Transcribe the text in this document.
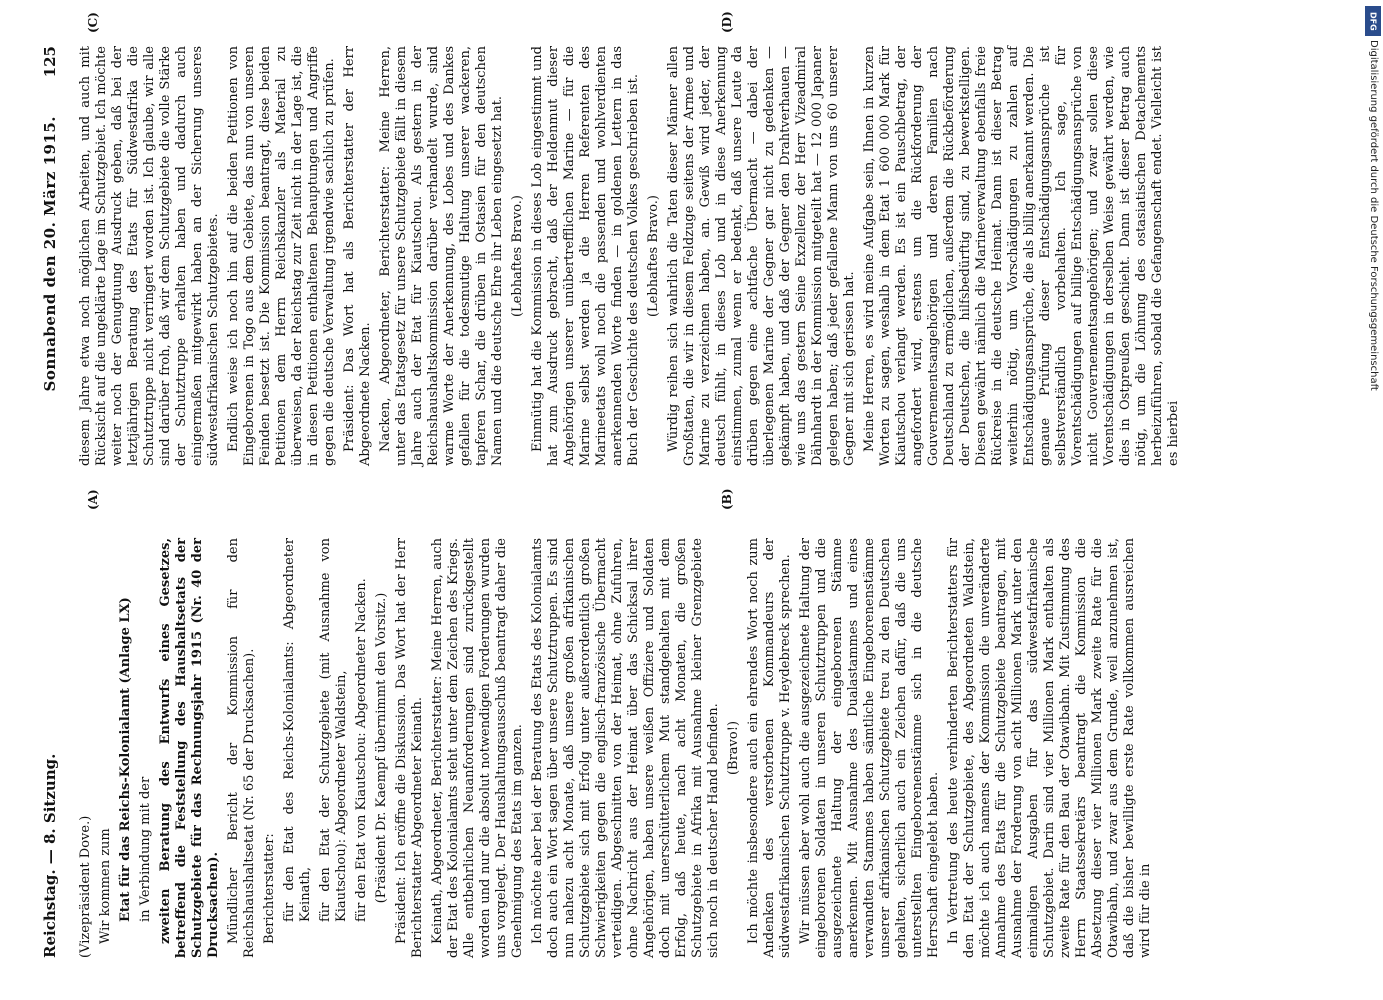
Reichstag. — 8. Sitzung.
Sonnabend den 20. März 1915.
125

(Vizepräsident Dove.) Wir kommen zum Etat für das Reichs-Kolonialamt (Anlage LX) in Verbindung mit der zweiten Beratung des Entwurfs eines Gesetzes, betreffend die Feststellung des Haushaltsetats der Schutzgebiete für das Rechnungsjahr 1915 (Nr. 40 der Drucksachen). Mündlicher Bericht der Kommission für den Reichshaushaltsetat (Nr. 65 der Drucksachen). Berichterstatter: für den Etat des Reichs-Kolonialamts: Abgeordneter Keinath, für den Etat der Schutzgebiete (mit Ausnahme von Kiautschou): Abgeordneter Waldstein, für den Etat von Kiautschou: Abgeordneter Nacken. (Präsident Dr. Kaempf übernimmt den Vorsitz.) Präsident: Ich eröffne die Diskussion. Das Wort hat der Herr Berichterstatter Abgeordneter Keinath. Keinath, Abgeordneter, Berichterstatter: Meine Herren, auch der Etat des Kolonialamts steht unter dem Zeichen des Kriegs. Alle entbehrlichen Neuanforderungen sind zurückgestellt worden und nur die absolut notwendigen Forderungen wurden uns vorgelegt. Der Haushaltungsausschuß beantragt daher die Genehmigung des Etats im ganzen. Ich möchte aber bei der Beratung des Etats des Kolonialamts doch auch ein Wort sagen über unsere Schutztruppen. Es sind nun nahezu acht Monate, daß unsere großen afrikanischen Schutzgebiete sich mit Erfolg unter außerordentlich großen Schwierigkeiten gegen die englisch-französische Übermacht verteidigen. Abgeschnitten von der Heimat, ohne Zufuhren, ohne Nachricht aus der Heimat über das Schicksal ihrer Angehörigen, haben unsere weißen Offiziere und Soldaten doch mit unerschütterlichem Mut standgehalten mit dem Erfolg, daß heute, nach acht Monaten, die großen Schutzgebiete in Afrika mit Ausnahme kleiner Grenzgebiete sich noch in deutscher Hand befinden. (Bravo!) Ich möchte insbesondere auch ein ehrendes Wort noch zum Andenken des verstorbenen Kommandeurs der südwestafrikanischen Schutztruppe v. Heydebreck sprechen. Wir müssen aber wohl auch die ausgezeichnete Haltung der eingeborenen Soldaten in unseren Schutztruppen und die ausgezeichnete Haltung der eingeborenen Stämme anerkennen. Mit Ausnahme des Dualastammes und eines verwandten Stammes haben sämtliche Eingeborenenstämme unserer afrikanischen Schutzgebiete treu zu den Deutschen gehalten, sicherlich auch ein Zeichen dafür, daß die uns unterstellten Eingeborenenstämme sich in die deutsche Herrschaft eingelebt haben. In Vertretung des heute verhinderten Berichterstatters für den Etat der Schutzgebiete, des Abgeordneten Waldstein, möchte ich auch namens der Kommission die unveränderte Annahme des Etats für die Schutzgebiete beantragen, mit Ausnahme der Forderung von acht Millionen Mark unter den einmaligen Ausgaben für das südwestafrikanische Schutzgebiet. Darin sind vier Millionen Mark enthalten als zweite Rate für den Bau der Otawibahn. Mit Zustimmung des Herrn Staatssekretärs beantragt die Kommission die Absetzung dieser vier Millionen Mark zweite Rate für die Otawibahn, und zwar aus dem Grunde, weil anzunehmen ist, daß die bisher bewilligte erste Rate vollkommen ausreichen wird für die in

diesem Jahre etwa noch möglichen Arbeiten, und auch mit Rücksicht auf die ungeklärte Lage im Schutzgebiet. Ich möchte weiter noch der Genugtuung Ausdruck geben, daß bei der letztjährigen Beratung des Etats für Südwestafrika die Schutztruppe nicht verringert worden ist. Ich glaube, wir alle sind darüber froh, daß wir dem Schutzgebiete die volle Stärke der Schutztruppe erhalten haben und dadurch auch einigermaßen mitgewirkt haben an der Sicherung unseres südwestafrikanischen Schutzgebietes. Endlich weise ich noch hin auf die beiden Petitionen von Eingeborenen in Togo aus dem Gebiete, das nun von unseren Feinden besetzt ist. Die Kommission beantragt, diese beiden Petitionen dem Herrn Reichskanzler als Material zu überweisen, da der Reichstag zur Zeit nicht in der Lage ist, die in diesen Petitionen enthaltenen Behauptungen und Angriffe gegen die deutsche Verwaltung irgendwie sachlich zu prüfen. Präsident: Das Wort hat als Berichterstatter der Herr Abgeordnete Nacken. Nacken, Abgeordneter, Berichterstatter: Meine Herren, unter das Etatsgesetz für unsere Schutzgebiete fällt in diesem Jahre auch der Etat für Kiautschou. Als gestern in der Reichshaushaltskommission darüber verhandelt wurde, sind warme Worte der Anerkennung, des Lobes und des Dankes gefallen für die todesmutige Haltung unserer wackeren, tapferen Schar, die drüben in Ostasien für den deutschen Namen und die deutsche Ehre ihr Leben eingesetzt hat. (Lebhaftes Bravo.) Einmütig hat die Kommission in dieses Lob eingestimmt und hat zum Ausdruck gebracht, daß der Heldenmut dieser Angehörigen unserer unübertrefflichen Marine — für die Marine selbst werden ja die Herren Referenten des Marineetats wohl noch die passenden und wohlverdienten anerkennenden Worte finden — in goldenen Lettern in das Buch der Geschichte des deutschen Volkes geschrieben ist. (Lebhaftes Bravo.) Würdig reihen sich wahrlich die Taten dieser Männer allen Großtaten, die wir in diesem Feldzuge seitens der Armee und Marine zu verzeichnen haben, an. Gewiß wird jeder, der deutsch fühlt, in dieses Lob und in diese Anerkennung einstimmen, zumal wenn er bedenkt, daß unsere Leute da drüben gegen eine achtfache Übermacht — dabei der überlegenen Marine der Gegner gar nicht zu gedenken — gekämpft haben, und daß der Gegner den Drahtverhauen — wie uns das gestern Seine Exzellenz der Herr Vizeadmiral Dähnhardt in der Kommission mitgeteilt hat — 12 000 Japaner gelegen haben; daß jeder gefallene Mann von uns 60 unserer Gegner mit sich gerissen hat. Meine Herren, es wird meine Aufgabe sein, Ihnen in kurzen Worten zu sagen, weshalb in dem Etat 1 600 000 Mark für Kiautschou verlangt werden. Es ist ein Pauschbetrag, der angefordert wird, erstens um die Rückforderung der Gouvernementsangehörigen und deren Familien nach Deutschland zu ermöglichen, außerdem die Rückbeförderung der Deutschen, die hilfsbedürftig sind, zu bewerkstelligen. Diesen gewährt nämlich die Marineverwaltung ebenfalls freie Rückreise in die deutsche Heimat. Dann ist dieser Betrag weiterhin nötig, um Vorschädigungen zu zahlen auf Entschädigungsansprüche, die als billig anerkannt werden. Die genaue Prüfung dieser Entschädigungsansprüche ist selbstverständlich vorbehalten. Ich sage, für Vorentschädigungen auf billige Entschädigungsansprüche von nicht Gouvernementsangehörigen; und zwar sollen diese Vorentschädigungen in derselben Weise gewährt werden, wie dies in Ostpreußen geschieht. Dann ist dieser Betrag auch nötig, um die Löhnung des ostasiatischen Detachements herbeizuführen, sobald die Gefangenschaft endet. Vielleicht ist es hierbei

(A)	(B)
(C)	(D)	DFG
Digitalisierung gefördert durch die Deutsche Forschungsgemeinschaft
